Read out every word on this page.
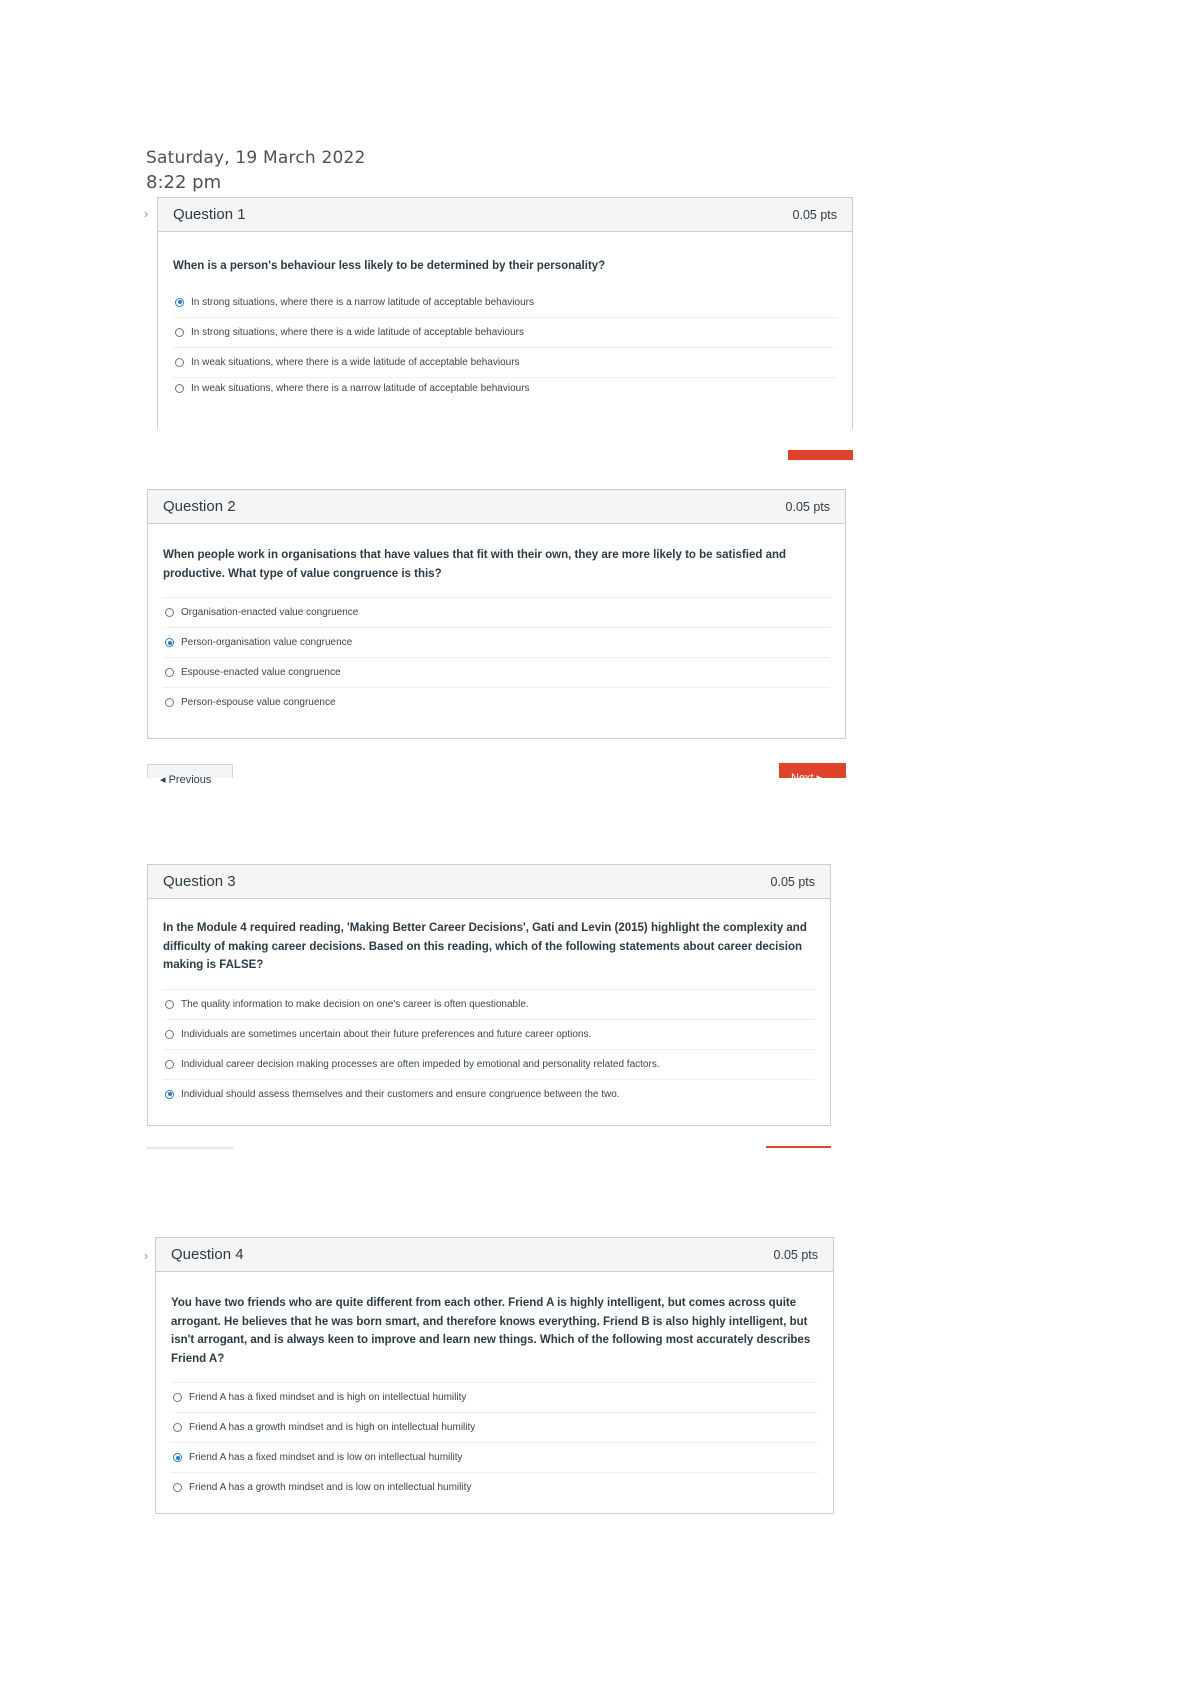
Saturday, 19 March 2022
8:22 pm
› Question 1	0.05 pts

When is a person's behaviour less likely to be determined by their personality?

In strong situations, where there is a narrow latitude of acceptable behaviours
In strong situations, where there is a wide latitude of acceptable behaviours
In weak situations, where there is a wide latitude of acceptable behaviours
In weak situations, where there is a narrow latitude of acceptable behaviours
Question 2	0.05 pts

When people work in organisations that have values that fit with their own, they are more likely to be satisfied and productive. What type of value congruence is this?

Organisation-enacted value congruence
Person-organisation value congruence
Espouse-enacted value congruence
Person-espouse value congruence
◂ Previous	Next ▸
Question 3	0.05 pts

In the Module 4 required reading, 'Making Better Career Decisions', Gati and Levin (2015) highlight the complexity and difficulty of making career decisions. Based on this reading, which of the following statements about career decision making is FALSE?

The quality information to make decision on one's career is often questionable.
Individuals are sometimes uncertain about their future preferences and future career options.
Individual career decision making processes are often impeded by emotional and personality related factors.
Individual should assess themselves and their customers and ensure congruence between the two.
› Question 4	0.05 pts

You have two friends who are quite different from each other. Friend A is highly intelligent, but comes across quite arrogant. He believes that he was born smart, and therefore knows everything. Friend B is also highly intelligent, but isn't arrogant, and is always keen to improve and learn new things. Which of the following most accurately describes Friend A?

Friend A has a fixed mindset and is high on intellectual humility
Friend A has a growth mindset and is high on intellectual humility
Friend A has a fixed mindset and is low on intellectual humility
Friend A has a growth mindset and is low on intellectual humility
